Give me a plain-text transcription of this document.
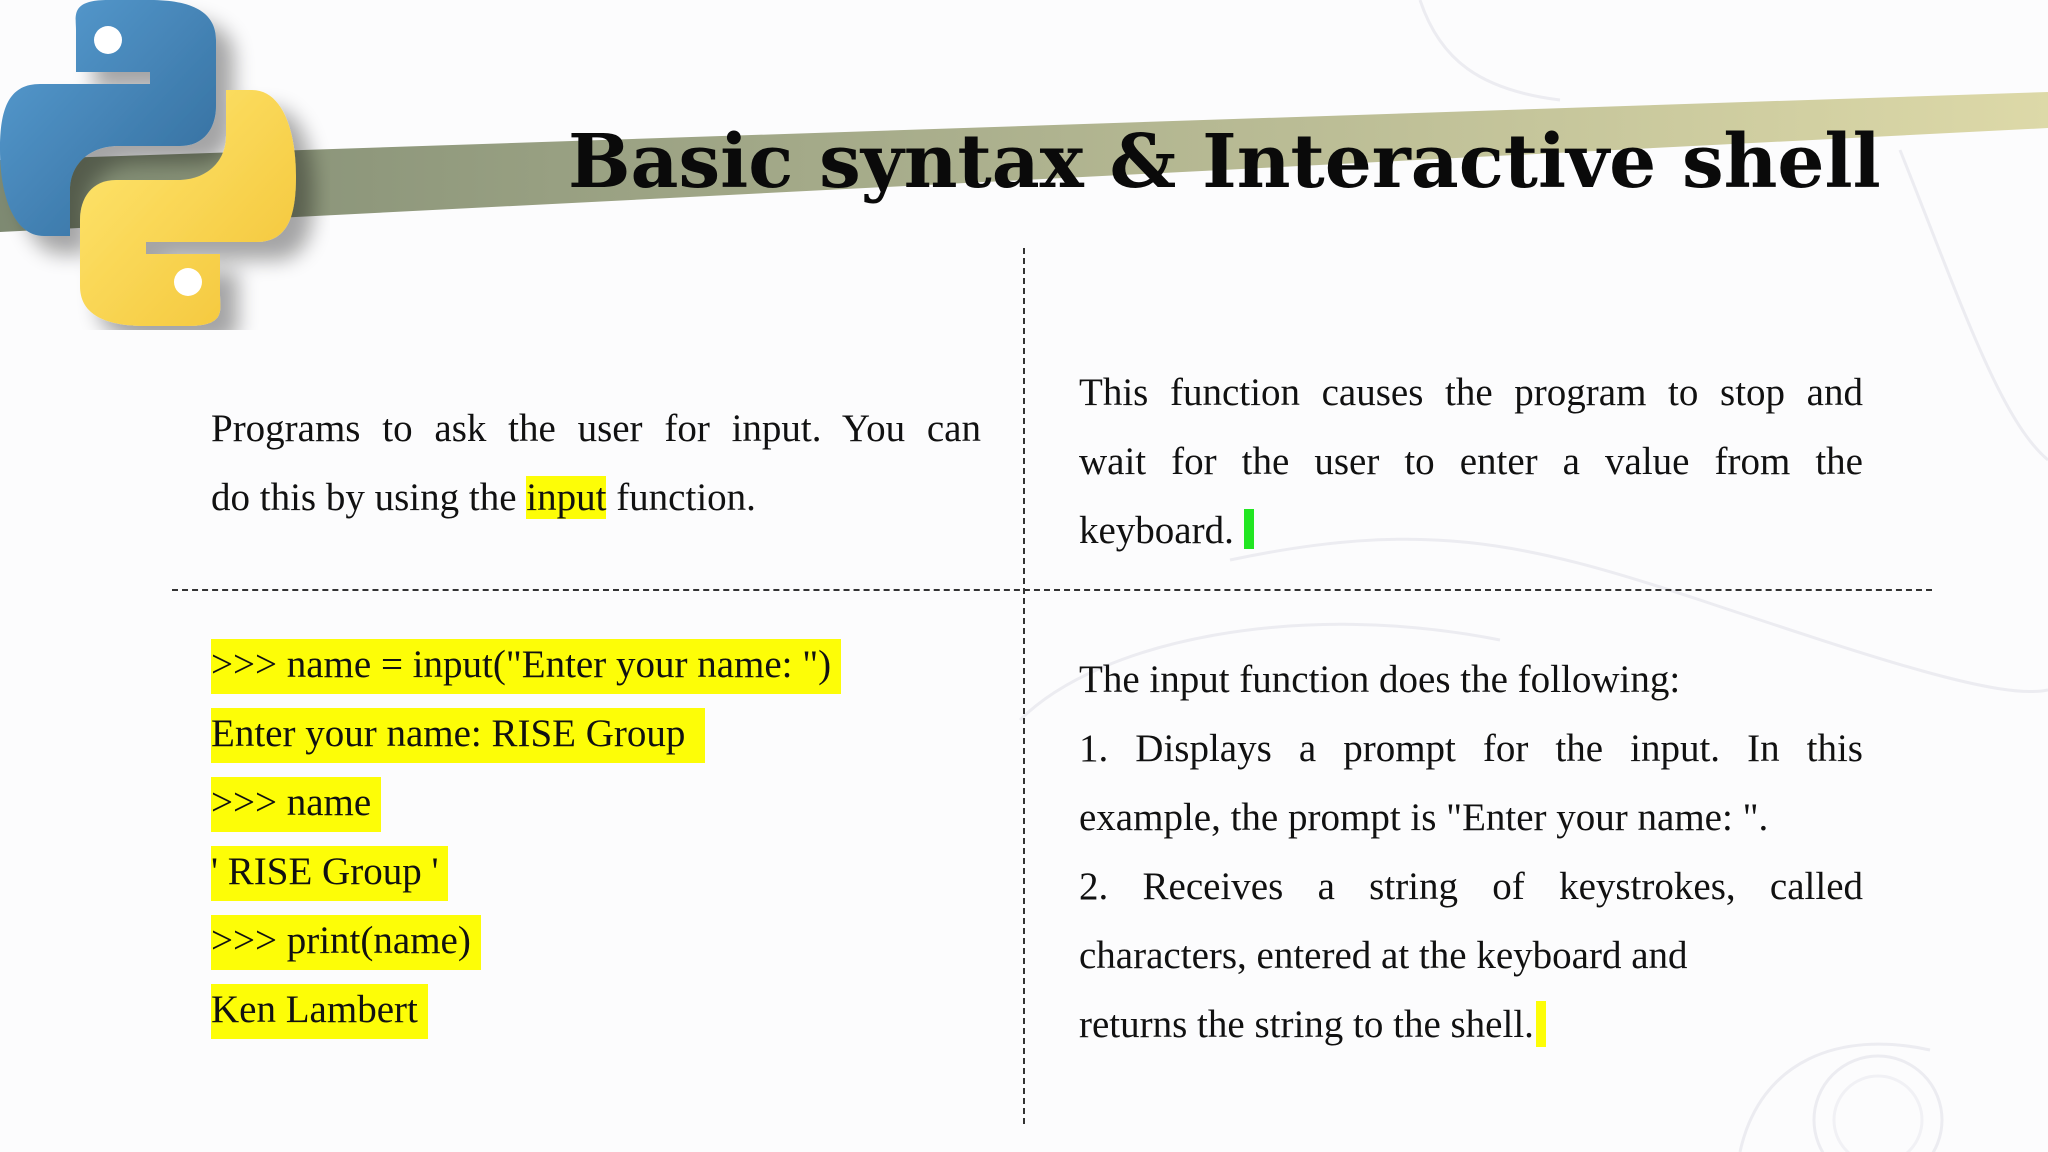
Basic syntax & Interactive shell

Programs to ask the user for input. You can
do this by using the input function.

This function causes the program to stop and
wait for the user to enter a value from the
keyboard.

>>> name = input("Enter your name: ")
Enter your name: RISE Group
>>> name
' RISE Group '
>>> print(name)
Ken Lambert

The input function does the following:
1. Displays a prompt for the input. In this
example, the prompt is "Enter your name: ".
2. Receives a string of keystrokes, called
characters, entered at the keyboard and
returns the string to the shell.
